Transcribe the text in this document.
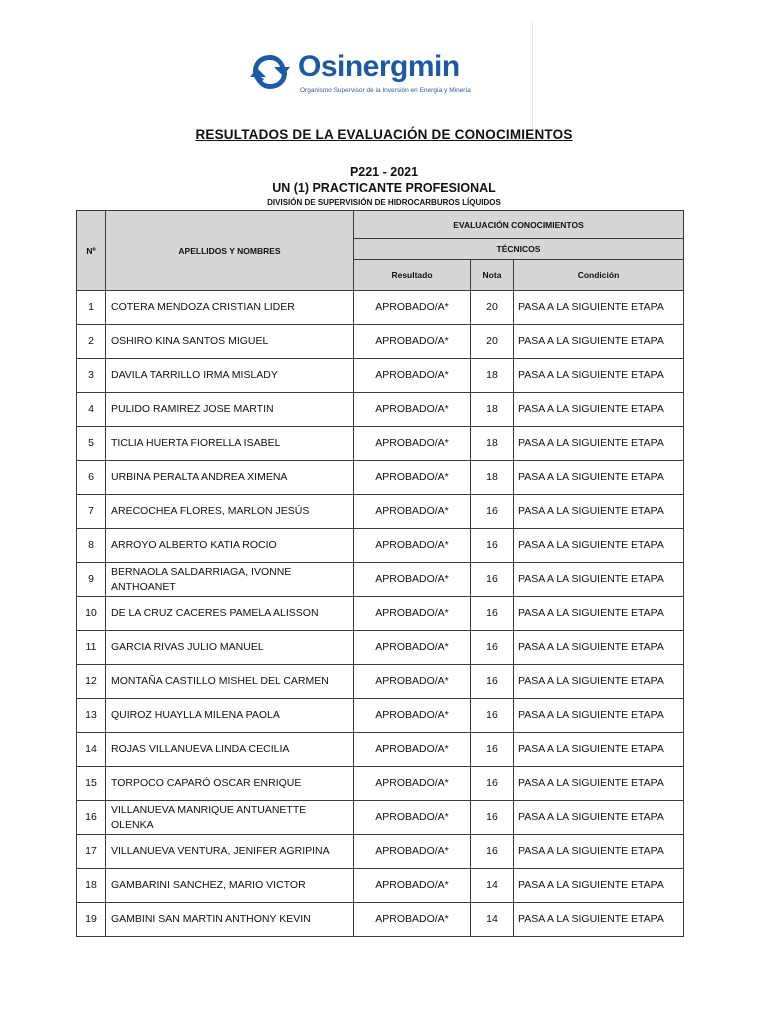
Osinergmin
Organismo Supervisor de la Inversión en Energía y Minería
RESULTADOS DE LA EVALUACIÓN DE CONOCIMIENTOS
P221 - 2021
UN (1) PRACTICANTE PROFESIONAL
DIVISIÓN DE SUPERVISIÓN DE HIDROCARBUROS LÍQUIDOS
Nº	APELLIDOS Y NOMBRES	EVALUACIÓN CONOCIMIENTOS		
		TÉCNICOS		
		Resultado	Nota	Condición
1	COTERA MENDOZA CRISTIAN LIDER	APROBADO/A*	20	PASA A LA SIGUIENTE ETAPA
2	OSHIRO KINA SANTOS MIGUEL	APROBADO/A*	20	PASA A LA SIGUIENTE ETAPA
3	DAVILA TARRILLO IRMA MISLADY	APROBADO/A*	18	PASA A LA SIGUIENTE ETAPA
4	PULIDO RAMIREZ JOSE MARTIN	APROBADO/A*	18	PASA A LA SIGUIENTE ETAPA
5	TICLIA HUERTA FIORELLA ISABEL	APROBADO/A*	18	PASA A LA SIGUIENTE ETAPA
6	URBINA PERALTA ANDREA XIMENA	APROBADO/A*	18	PASA A LA SIGUIENTE ETAPA
7	ARECOCHEA FLORES, MARLON JESÚS	APROBADO/A*	16	PASA A LA SIGUIENTE ETAPA
8	ARROYO ALBERTO KATIA ROCIO	APROBADO/A*	16	PASA A LA SIGUIENTE ETAPA
9	BERNAOLA SALDARRIAGA, IVONNE ANTHOANET	APROBADO/A*	16	PASA A LA SIGUIENTE ETAPA
10	DE LA CRUZ CACERES PAMELA ALISSON	APROBADO/A*	16	PASA A LA SIGUIENTE ETAPA
11	GARCIA RIVAS JULIO MANUEL	APROBADO/A*	16	PASA A LA SIGUIENTE ETAPA
12	MONTAÑA CASTILLO MISHEL DEL CARMEN	APROBADO/A*	16	PASA A LA SIGUIENTE ETAPA
13	QUIROZ HUAYLLA MILENA PAOLA	APROBADO/A*	16	PASA A LA SIGUIENTE ETAPA
14	ROJAS VILLANUEVA LINDA CECILIA	APROBADO/A*	16	PASA A LA SIGUIENTE ETAPA
15	TORPOCO CAPARÓ OSCAR ENRIQUE	APROBADO/A*	16	PASA A LA SIGUIENTE ETAPA
16	VILLANUEVA MANRIQUE ANTUANETTE OLENKA	APROBADO/A*	16	PASA A LA SIGUIENTE ETAPA
17	VILLANUEVA VENTURA, JENIFER AGRIPINA	APROBADO/A*	16	PASA A LA SIGUIENTE ETAPA
18	GAMBARINI SANCHEZ, MARIO VICTOR	APROBADO/A*	14	PASA A LA SIGUIENTE ETAPA
19	GAMBINI SAN MARTIN ANTHONY KEVIN	APROBADO/A*	14	PASA A LA SIGUIENTE ETAPA
